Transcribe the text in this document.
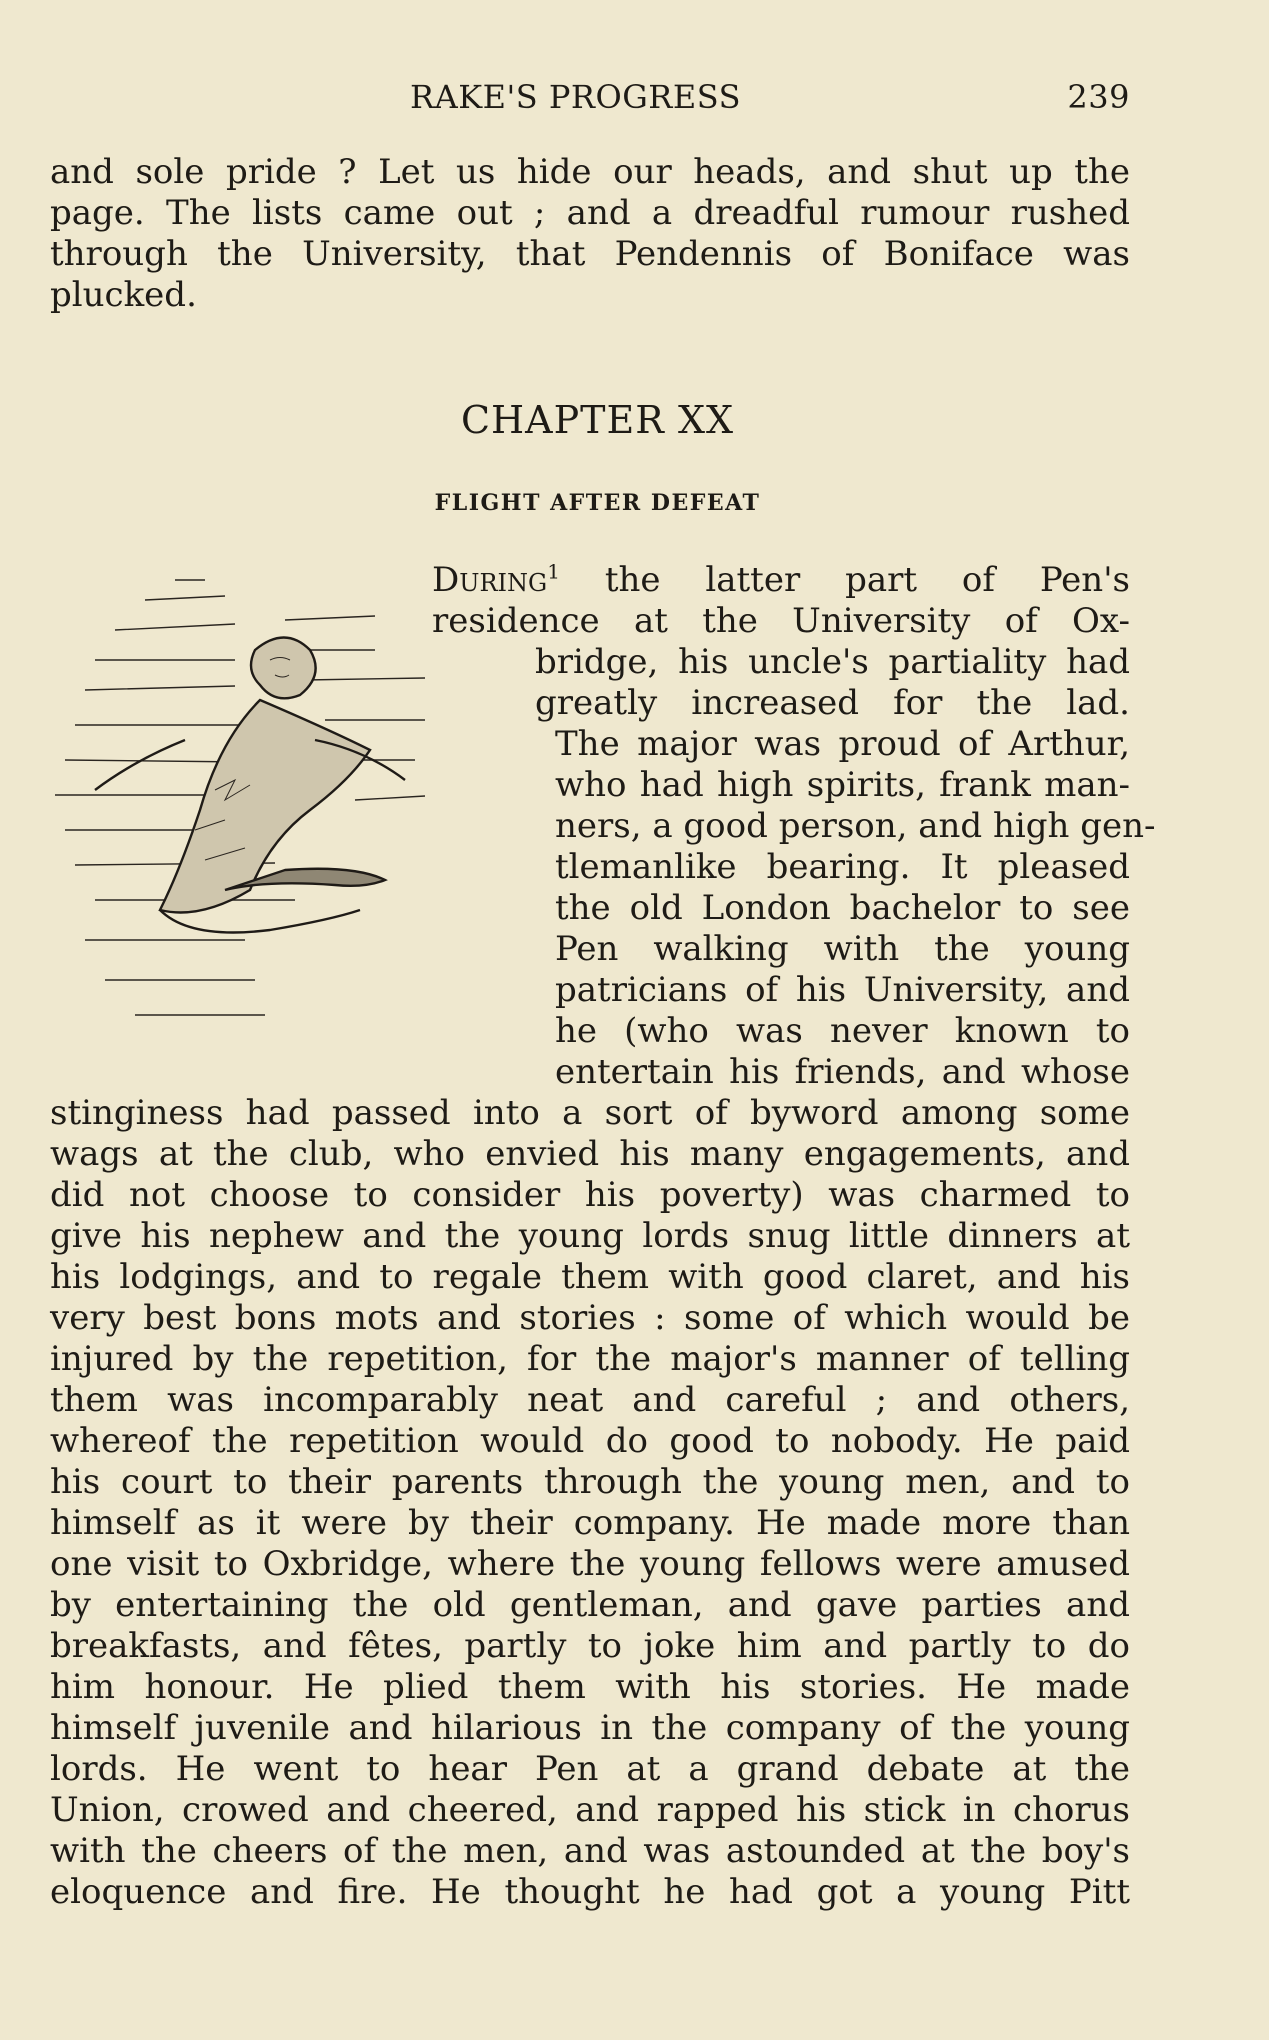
RAKE'S PROGRESS	239
and sole pride ? Let us hide our heads, and shut up the
page. The lists came out ; and a dreadful rumour rushed
through the University, that Pendennis of Boniface was
plucked.
CHAPTER XX
FLIGHT AFTER DEFEAT
During$^1$ the latter part of Pen's
residence at the University of Ox-
bridge, his uncle's partiality had
greatly increased for the lad.
The major was proud of Arthur,
who had high spirits, frank man-
ners, a good person, and high gen-
tlemanlike bearing. It pleased
the old London bachelor to see
Pen walking with the young
patricians of his University, and
he (who was never known to
entertain his friends, and whose
stinginess had passed into a sort of byword among some
wags at the club, who envied his many engagements, and
did not choose to consider his poverty) was charmed to
give his nephew and the young lords snug little dinners at
his lodgings, and to regale them with good claret, and his
very best bons mots and stories : some of which would be
injured by the repetition, for the major's manner of telling
them was incomparably neat and careful ; and others,
whereof the repetition would do good to nobody. He paid
his court to their parents through the young men, and to
himself as it were by their company. He made more than
one visit to Oxbridge, where the young fellows were amused
by entertaining the old gentleman, and gave parties and
breakfasts, and fêtes, partly to joke him and partly to do
him honour. He plied them with his stories. He made
himself juvenile and hilarious in the company of the young
lords. He went to hear Pen at a grand debate at the
Union, crowed and cheered, and rapped his stick in chorus
with the cheers of the men, and was astounded at the boy's
eloquence and fire. He thought he had got a young Pitt
